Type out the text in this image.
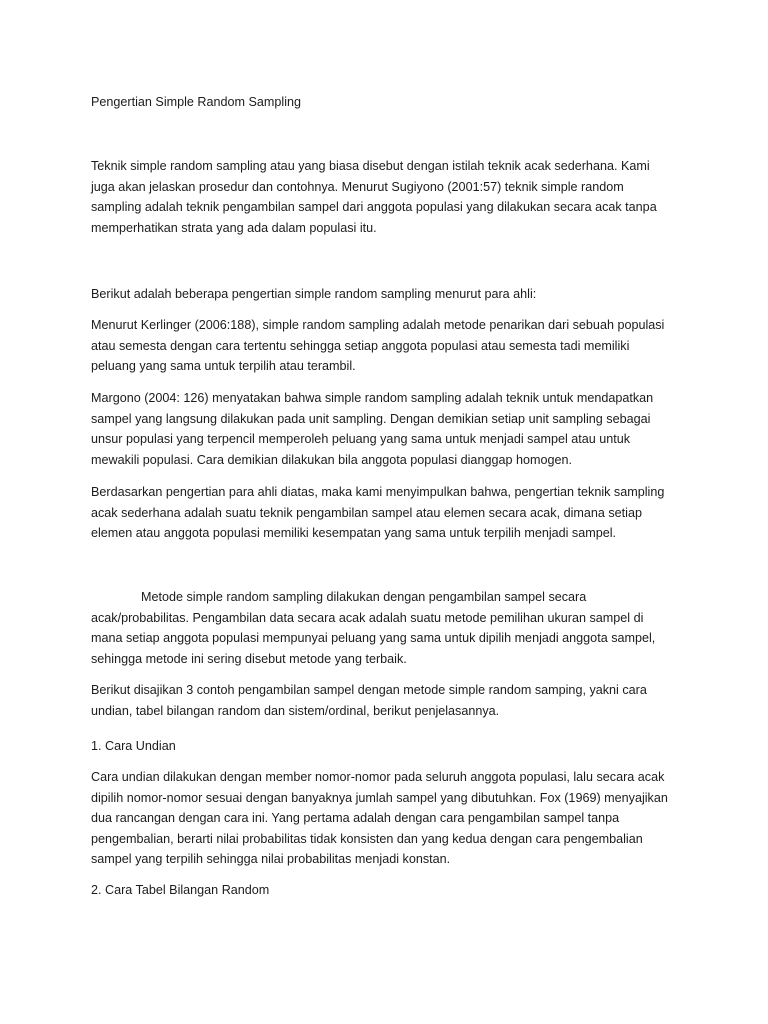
Pengertian Simple Random Sampling

Teknik simple random sampling atau yang biasa disebut dengan istilah teknik acak sederhana. Kami juga akan jelaskan prosedur dan contohnya. Menurut Sugiyono (2001:57) teknik simple random sampling adalah teknik pengambilan sampel dari anggota populasi yang dilakukan secara acak tanpa memperhatikan strata yang ada dalam populasi itu.

Berikut adalah beberapa pengertian simple random sampling menurut para ahli:

Menurut Kerlinger (2006:188), simple random sampling adalah metode penarikan dari sebuah populasi atau semesta dengan cara tertentu sehingga setiap anggota populasi atau semesta tadi memiliki peluang yang sama untuk terpilih atau terambil.

Margono (2004: 126) menyatakan bahwa simple random sampling adalah teknik untuk mendapatkan sampel yang langsung dilakukan pada unit sampling. Dengan demikian setiap unit sampling sebagai unsur populasi yang terpencil memperoleh peluang yang sama untuk menjadi sampel atau untuk mewakili populasi. Cara demikian dilakukan bila anggota populasi dianggap homogen.

Berdasarkan pengertian para ahli diatas, maka kami menyimpulkan bahwa, pengertian teknik sampling acak sederhana adalah suatu teknik pengambilan sampel atau elemen secara acak, dimana setiap elemen atau anggota populasi memiliki kesempatan yang sama untuk terpilih menjadi sampel.

Metode simple random sampling dilakukan dengan pengambilan sampel secara acak/probabilitas. Pengambilan data secara acak adalah suatu metode pemilihan ukuran sampel di mana setiap anggota populasi mempunyai peluang yang sama untuk dipilih menjadi anggota sampel, sehingga metode ini sering disebut metode yang terbaik.

Berikut disajikan 3 contoh pengambilan sampel dengan metode simple random samping, yakni cara undian, tabel bilangan random dan sistem/ordinal, berikut penjelasannya.

1. Cara Undian

Cara undian dilakukan dengan member nomor-nomor pada seluruh anggota populasi, lalu secara acak dipilih nomor-nomor sesuai dengan banyaknya jumlah sampel yang dibutuhkan. Fox (1969) menyajikan dua rancangan dengan cara ini. Yang pertama adalah dengan cara pengambilan sampel tanpa pengembalian, berarti nilai probabilitas tidak konsisten dan yang kedua dengan cara pengembalian sampel yang terpilih sehingga nilai probabilitas menjadi konstan.

2. Cara Tabel Bilangan Random
